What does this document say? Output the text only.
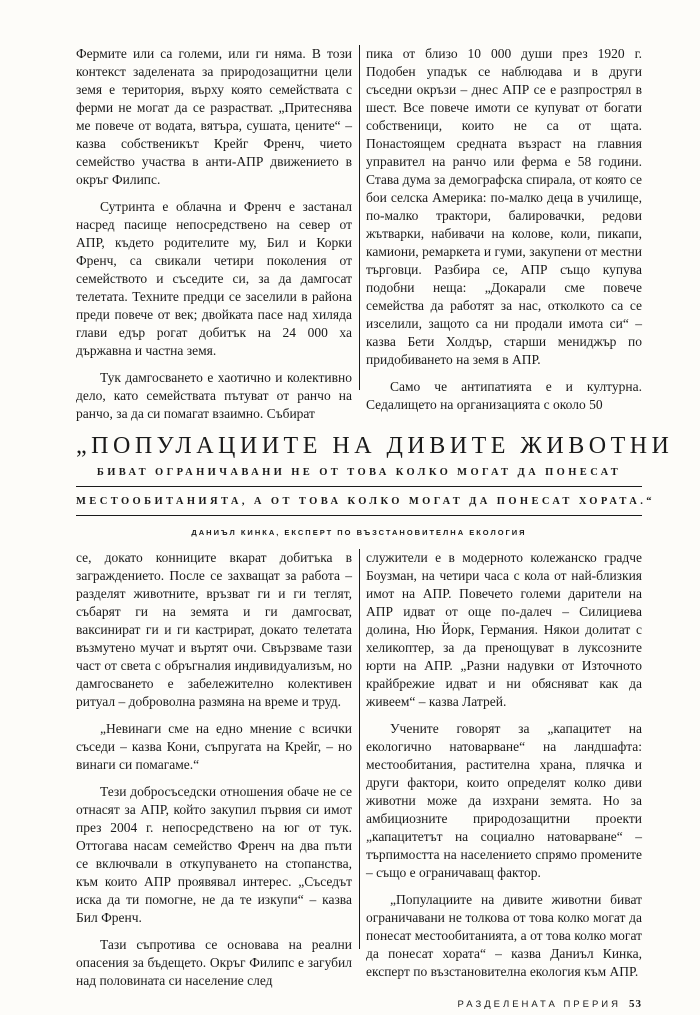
Фермите или са големи, или ги няма. В този контекст заделената за природозащитни цели земя е територия, върху която семействата с ферми не могат да се разрастват. „Притеснява ме повече от водата, вятъра, сушата, цените“ – казва собственикът Крейг Френч, чието семейство участва в анти-АПР движението в окръг Филипс.

Сутринта е облачна и Френч е застанал насред пасище непосредствено на север от АПР, където родителите му, Бил и Корки Френч, са свикали четири поколения от семейството и съседите си, за да дамгосат телетата. Техните предци се заселили в района преди повече от век; двойката пасе над хиляда глави едър рогат добитък на 24 000 ха държавна и частна земя.

Тук дамгосването е хаотично и колективно дело, като семействата пътуват от ранчо на ранчо, за да си помагат взаимно. Събират

пика от близо 10 000 души през 1920 г. Подобен упадък се наблюдава и в други съседни окръзи – днес АПР се е разпрострял в шест. Все повече имоти се купуват от богати собственици, които не са от щата. Понастоящем средната възраст на главния управител на ранчо или ферма е 58 години. Става дума за демографска спирала, от която се бои селска Америка: по-малко деца в училище, по-малко трактори, балировачки, редови жътварки, набивачи на колове, коли, пикапи, камиони, ремаркета и гуми, закупени от местни търговци. Разбира се, АПР също купува подобни неща: „Докарали сме повече семейства да работят за нас, отколкото са се изселили, защото са ни продали имота си“ – казва Бети Холдър, старши мениджър по придобиването на земя в АПР.

Само че антипатията е и културна. Седалището на организацията с около 50

„ПОПУЛАЦИИТЕ НА ДИВИТЕ ЖИВОТНИ
БИВАТ ОГРАНИЧАВАНИ НЕ ОТ ТОВА КОЛКО МОГАТ ДА ПОНЕСАТ
МЕСТООБИТАНИЯТА, А ОТ ТОВА КОЛКО МОГАТ ДА ПОНЕСАТ ХОРАТА.“
ДАНИЪЛ КИНКА, ЕКСПЕРТ ПО ВЪЗСТАНОВИТЕЛНА ЕКОЛОГИЯ

се, докато конниците вкарат добитъка в заграждението. После се захващат за работа – разделят животните, връзват ги и ги теглят, събарят ги на земята и ги дамгосват, ваксинират ги и ги кастрират, докато телетата възмутено мучат и въртят очи. Свързваме тази част от света с обръгналия индивидуализъм, но дамгосването е забележително колективен ритуал – доброволна размяна на време и труд.

„Невинаги сме на едно мнение с всички съседи – казва Кони, съпругата на Крейг, – но винаги си помагаме.“

Тези добросъседски отношения обаче не се отнасят за АПР, който закупил първия си имот през 2004 г. непосредствено на юг от тук. Оттогава насам семейство Френч на два пъти се включвали в откупуването на стопанства, към които АПР проявявал интерес. „Съседът иска да ти помогне, не да те изкупи“ – казва Бил Френч.

Тази съпротива се основава на реални опасения за бъдещето. Окръг Филипс е загубил над половината си население след

служители е в модерното колежанско градче Боузман, на четири часа с кола от най-близкия имот на АПР. Повечето големи дарители на АПР идват от още по-далеч – Силициева долина, Ню Йорк, Германия. Някои долитат с хеликоптер, за да пренощуват в луксозните юрти на АПР. „Разни надувки от Източното крайбрежие идват и ни обясняват как да живеем“ – казва Латрей.

Учените говорят за „капацитет на екологично натоварване“ на ландшафта: местообитания, растителна храна, плячка и други фактори, които определят колко диви животни може да изхрани земята. Но за амбициозните природозащитни проекти „капацитетът на социално натоварване“ – търпимостта на населението спрямо промените – също е ограничаващ фактор.

„Популациите на дивите животни биват ограничавани не толкова от това колко могат да понесат местообитанията, а от това колко могат да понесат хората“ – казва Даниъл Кинка, експерт по възстановителна екология към АПР.

РАЗДЕЛЕНАТА ПРЕРИЯ 53
